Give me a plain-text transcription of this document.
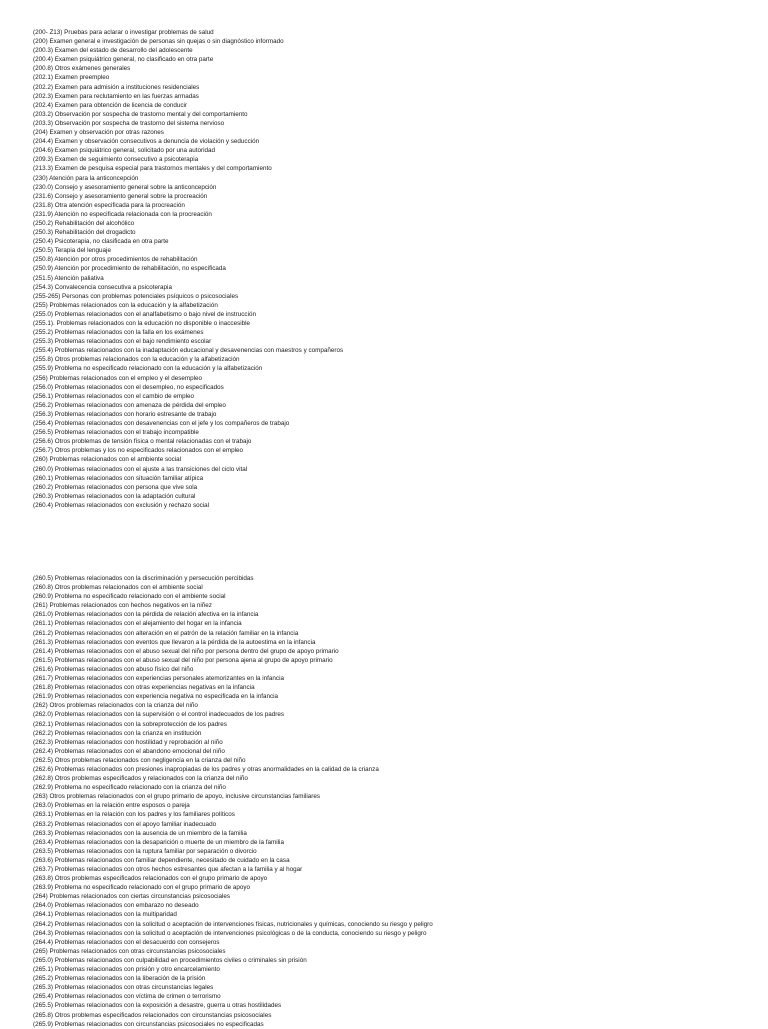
(200- Z13) Pruebas para aclarar o investigar problemas de salud
(200) Examen general e investigación de personas sin quejas o sin diagnóstico informado
(200.3) Examen del estado de desarrollo del adolescente
(200.4) Examen psiquiátrico general, no clasificado en otra parte
(200.8) Otros exámenes generales
(202.1) Examen preempleo
(202.2) Examen para admisión a instituciones residenciales
(202.3) Examen para reclutamiento en las fuerzas armadas
(202.4) Examen para obtención de licencia de conducir
(203.2) Observación por sospecha de trastorno mental y del comportamiento
(203.3) Observación por sospecha de trastorno del sistema nervioso
(204) Examen y observación por otras razones
(204.4) Examen y observación consecutivos a denuncia de violación y seducción
(204.6) Examen psiquiátrico general, solicitado por una autoridad
(209.3) Examen de seguimiento consecutivo a psicoterapia
(213.3) Examen de pesquisa especial para trastornos mentales y del comportamiento
(230) Atención para la anticoncepción
(230.0) Consejo y asesoramiento general sobre la anticoncepción
(231.6) Consejo y asesoramiento general sobre la procreación
(231.8) Otra atención especificada para la procreación
(231.9) Atención no especificada relacionada con la procreación
(250.2) Rehabilitación del alcohólico
(250.3) Rehabilitación del drogadicto
(250.4) Psicoterapia, no clasificada en otra parte
(250.5) Terapia del lenguaje
(250.8) Atención por otros procedimientos de rehabilitación
(250.9) Atención por procedimiento de rehabilitación, no especificada
(251.5) Atención paliativa
(254.3) Convalecencia consecutiva a psicoterapia
(255-265) Personas con problemas potenciales psíquicos o psicosociales
(255) Problemas relacionados con la educación y la alfabetización
(255.0) Problemas relacionados con el analfabetismo o bajo nivel de instrucción
(255.1). Problemas relacionados con la educación no disponible o inaccesible
(255.2) Problemas relacionados con la falla en los exámenes
(255.3) Problemas relacionados con el bajo rendimiento escolar
(255.4) Problemas relacionados con la inadaptación educacional y desavenencias con maestros y compañeros
(255.8) Otros problemas relacionados con la educación y la alfabetización
(255.9) Problema no especificado relacionado con la educación y la alfabetización
(256) Problemas relacionados con el empleo y el desempleo
(256.0) Problemas relacionados con el desempleo, no especificados
(256.1) Problemas relacionados con el cambio de empleo
(256.2) Problemas relacionados con amenaza de pérdida del empleo
(256.3) Problemas relacionados con horario estresante de trabajo
(256.4) Problemas relacionados con desavenencias con el jefe y los compañeros de trabajo
(256.5) Problemas relacionados con el trabajo incompatible
(256.6) Otros problemas de tensión física o mental relacionadas con el trabajo
(256.7) Otros problemas y los no especificados relacionados con el empleo
(260) Problemas relacionados con el ambiente social
(260.0) Problemas relacionados con el ajuste a las transiciones del ciclo vital
(260.1) Problemas relacionados con situación familiar atípica
(260.2) Problemas relacionados con persona que vive sola
(260.3) Problemas relacionados con la adaptación cultural
(260.4) Problemas relacionados con exclusión y rechazo social
(260.5) Problemas relacionados con la discriminación y persecución percibidas
(260.8) Otros problemas relacionados con el ambiente social
(260.9) Problema no especificado relacionado con el ambiente social
(261) Problemas relacionados con hechos negativos en la niñez
(261.0) Problemas relacionados con la pérdida de relación afectiva en la infancia
(261.1) Problemas relacionados con el alejamiento del hogar en la infancia
(261.2) Problemas relacionados con alteración en el patrón de la relación familiar en la infancia
(261.3) Problemas relacionados con eventos que llevaron a la pérdida de la autoestima en la infancia
(261.4) Problemas relacionados con el abuso sexual del niño por persona dentro del grupo de apoyo primario
(261.5) Problemas relacionados con el abuso sexual del niño por persona ajena al grupo de apoyo primario
(261.6) Problemas relacionados con abuso físico del niño
(261.7) Problemas relacionados con experiencias personales atemorizantes en la infancia
(261.8) Problemas relacionados con otras experiencias negativas en la infancia
(261.9) Problemas relacionados con experiencia negativa no especificada en la infancia
(262) Otros problemas relacionados con la crianza del niño
(262.0) Problemas relacionados con la supervisión o el control inadecuados de los padres
(262.1) Problemas relacionados con la sobreprotección de los padres
(262.2) Problemas relacionados con la crianza en institución
(262.3) Problemas relacionados con hostilidad y reprobación al niño
(262.4) Problemas relacionados con el abandono emocional del niño
(262.5) Otros problemas relacionados con negligencia en la crianza del niño
(262.6) Problemas relacionados con presiones inapropiadas de los padres y otras anormalidades en la calidad de la crianza
(262.8) Otros problemas especificados y relacionados con la crianza del niño
(262.9) Problema no especificado relacionado con la crianza del niño
(263) Otros problemas relacionados con el grupo primario de apoyo, inclusive circunstancias familiares
(263.0) Problemas en la relación entre esposos o pareja
(263.1) Problemas en la relación con los padres y los familiares políticos
(263.2) Problemas relacionados con el apoyo familiar inadecuado
(263.3) Problemas relacionados con la ausencia de un miembro de la familia
(263.4) Problemas relacionados con la desaparición o muerte de un miembro de la familia
(263.5) Problemas relacionados con la ruptura familiar por separación o divorcio
(263.6) Problemas relacionados con familiar dependiente, necesitado de cuidado en la casa
(263.7) Problemas relacionados con otros hechos estresantes que afectan a la familia y al hogar
(263.8) Otros problemas especificados relacionados con el grupo primario de apoyo
(263.9) Problema no especificado relacionado con el grupo primario de apoyo
(264) Problemas relacionados con ciertas circunstancias psicosociales
(264.0) Problemas relacionados con embarazo no deseado
(264.1) Problemas relacionados con la multiparidad
(264.2) Problemas relacionados con la solicitud o aceptación de intervenciones físicas, nutricionales y químicas, conociendo su riesgo y peligro
(264.3) Problemas relacionados con la solicitud o aceptación de intervenciones psicológicas o de la conducta, conociendo su riesgo y peligro
(264.4) Problemas relacionados con el desacuerdo con consejeros
(265) Problemas relacionados con otras circunstancias psicosociales
(265.0) Problemas relacionados con culpabilidad en procedimientos civiles o criminales sin prisión
(265.1) Problemas relacionados con prisión y otro encarcelamiento
(265.2) Problemas relacionados con la liberación de la prisión
(265.3) Problemas relacionados con otras circunstancias legales
(265.4) Problemas relacionados con víctima de crimen o terrorismo
(265.5) Problemas relacionados con la exposición a desastre, guerra u otras hostilidades
(265.8) Otros problemas especificados relacionados con circunstancias psicosociales
(265.9) Problemas relacionados con circunstancias psicosociales no especificadas
